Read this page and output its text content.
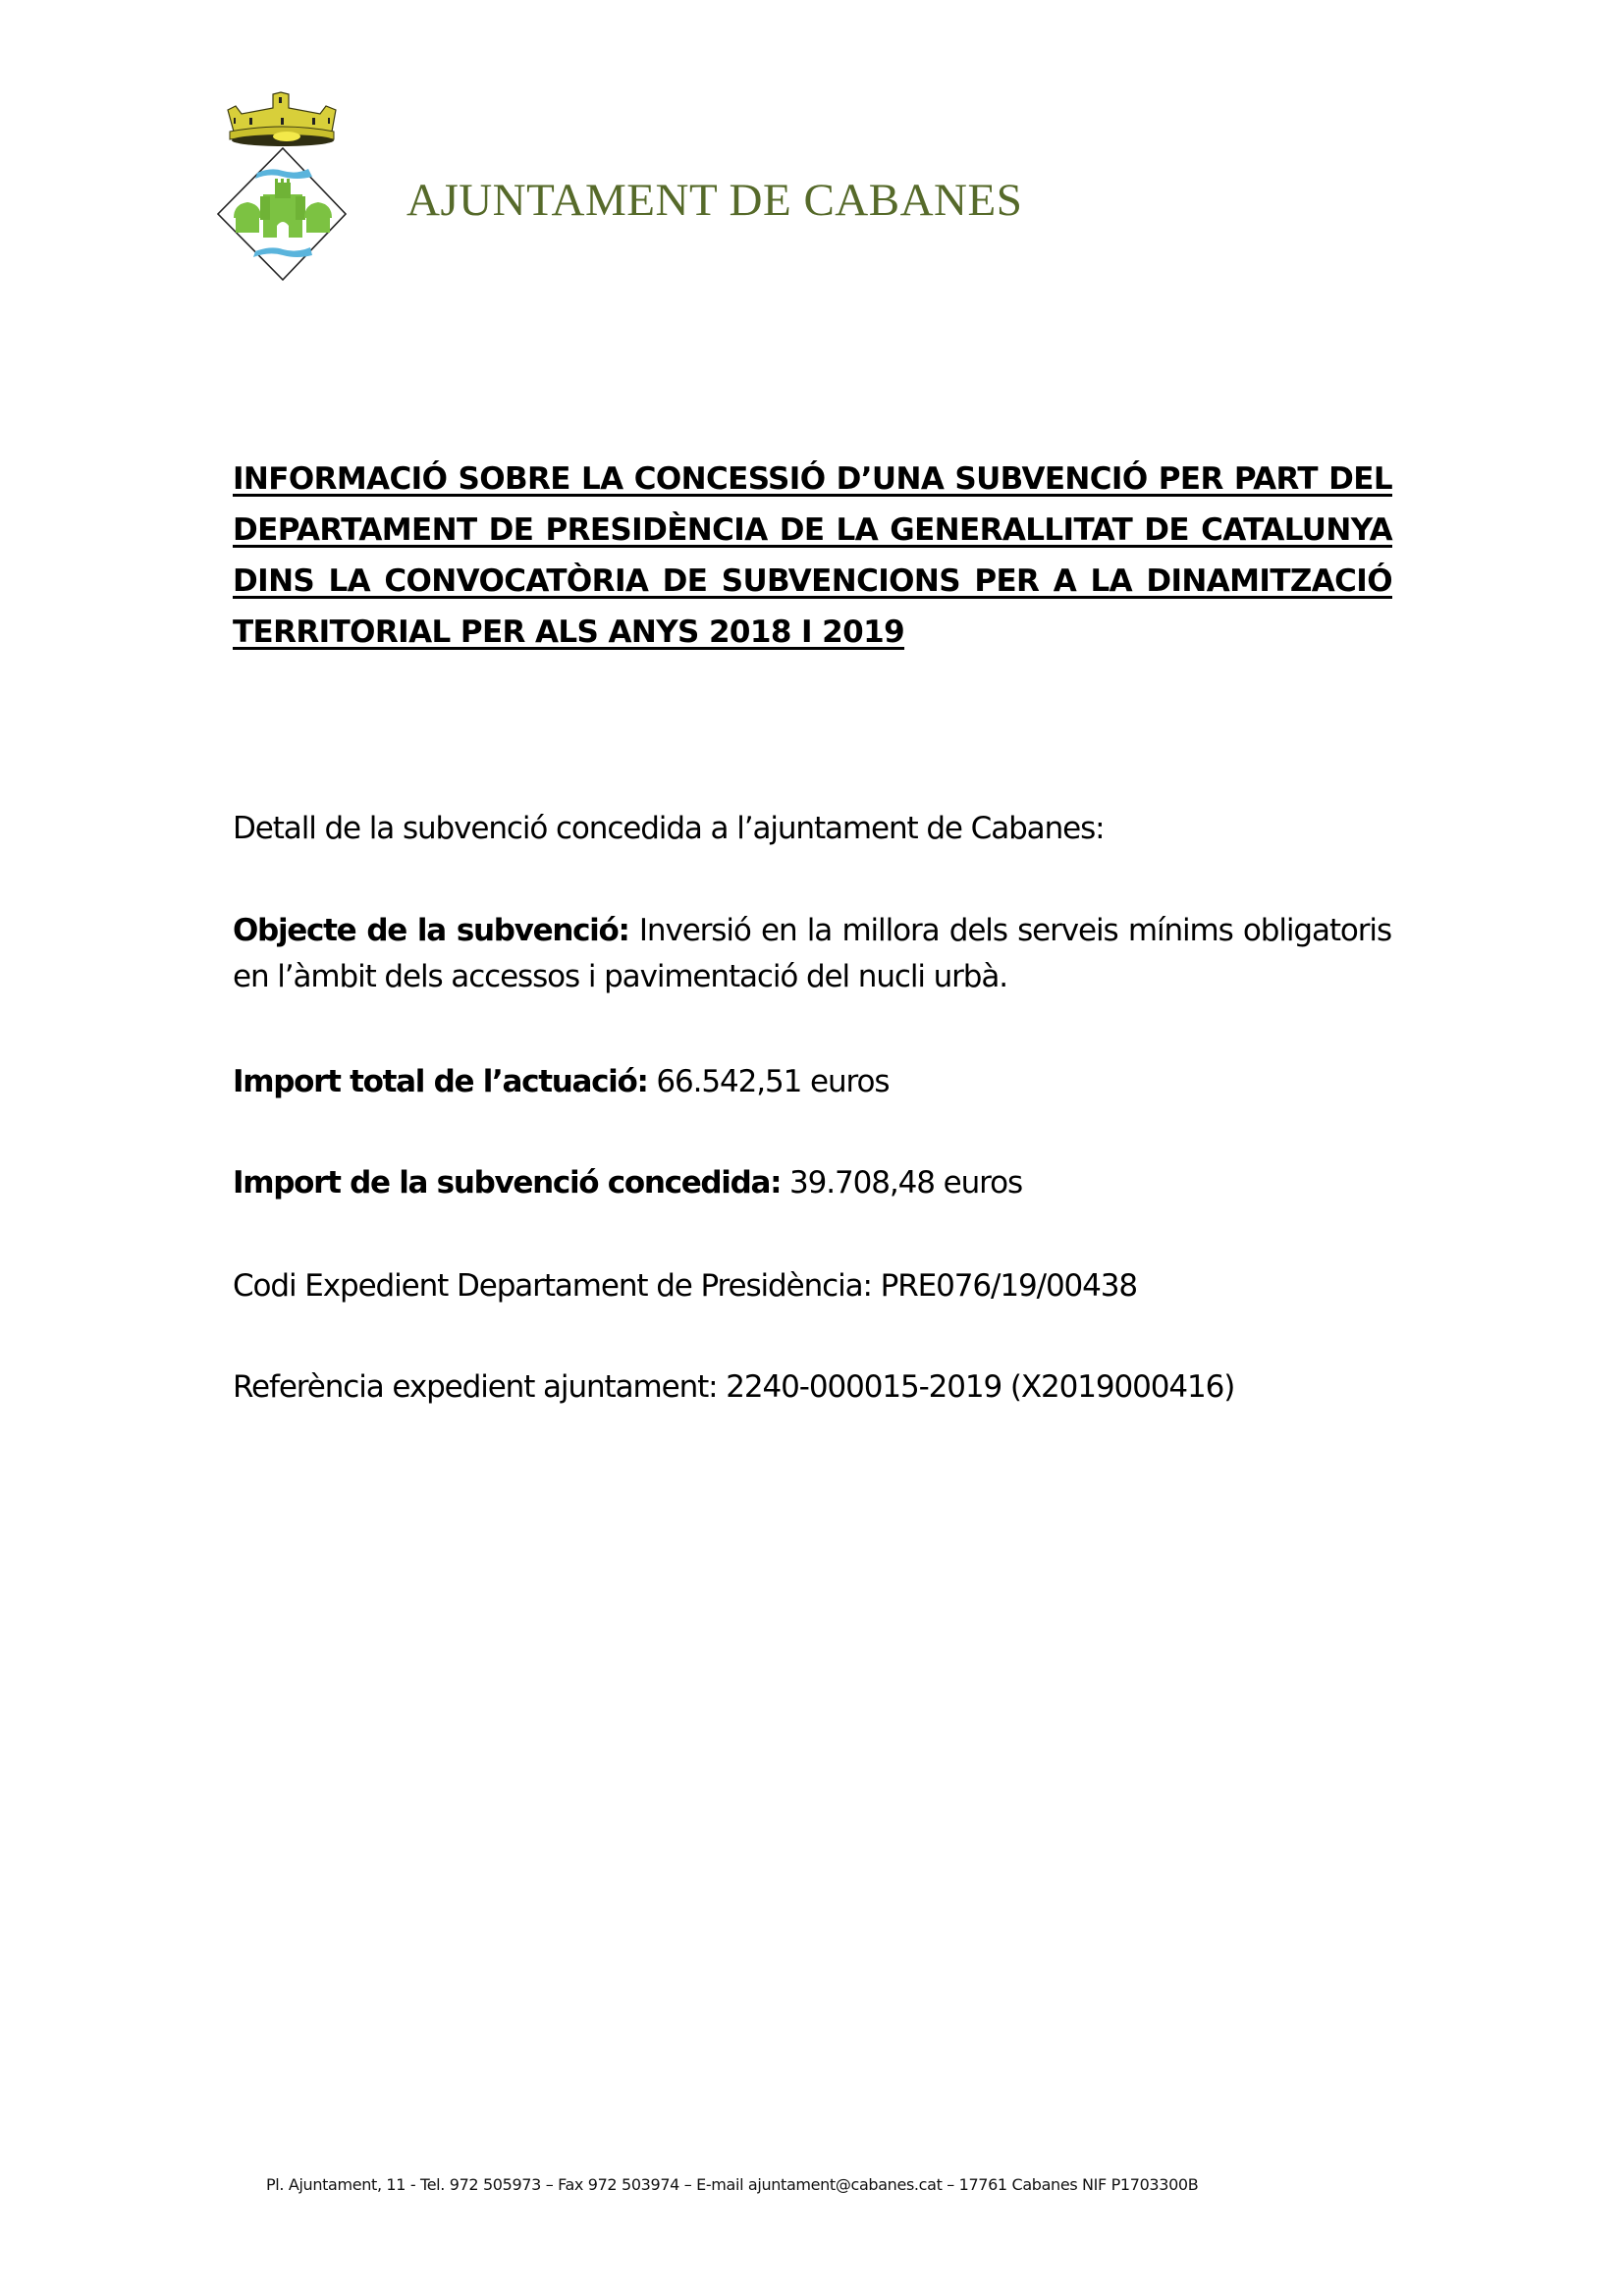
AJUNTAMENT DE CABANES
INFORMACIÓ SOBRE LA CONCESSIÓ D’UNA SUBVENCIÓ PER PART DEL DEPARTAMENT DE PRESIDÈNCIA DE LA GENERALLITAT DE CATALUNYA DINS LA CONVOCATÒRIA DE SUBVENCIONS PER A LA DINAMITZACIÓ TERRITORIAL PER ALS ANYS 2018 I 2019

Detall de la subvenció concedida a l’ajuntament de Cabanes:

Objecte de la subvenció: Inversió en la millora dels serveis mínims obligatoris en l’àmbit dels accessos i pavimentació del nucli urbà.

Import total de l’actuació: 66.542,51 euros

Import de la subvenció concedida: 39.708,48 euros

Codi Expedient Departament de Presidència: PRE076/19/00438

Referència expedient ajuntament: 2240-000015-2019 (X2019000416)

Pl. Ajuntament, 11 - Tel. 972 505973 – Fax 972 503974 – E-mail ajuntament@cabanes.cat – 17761 Cabanes NIF P1703300B
